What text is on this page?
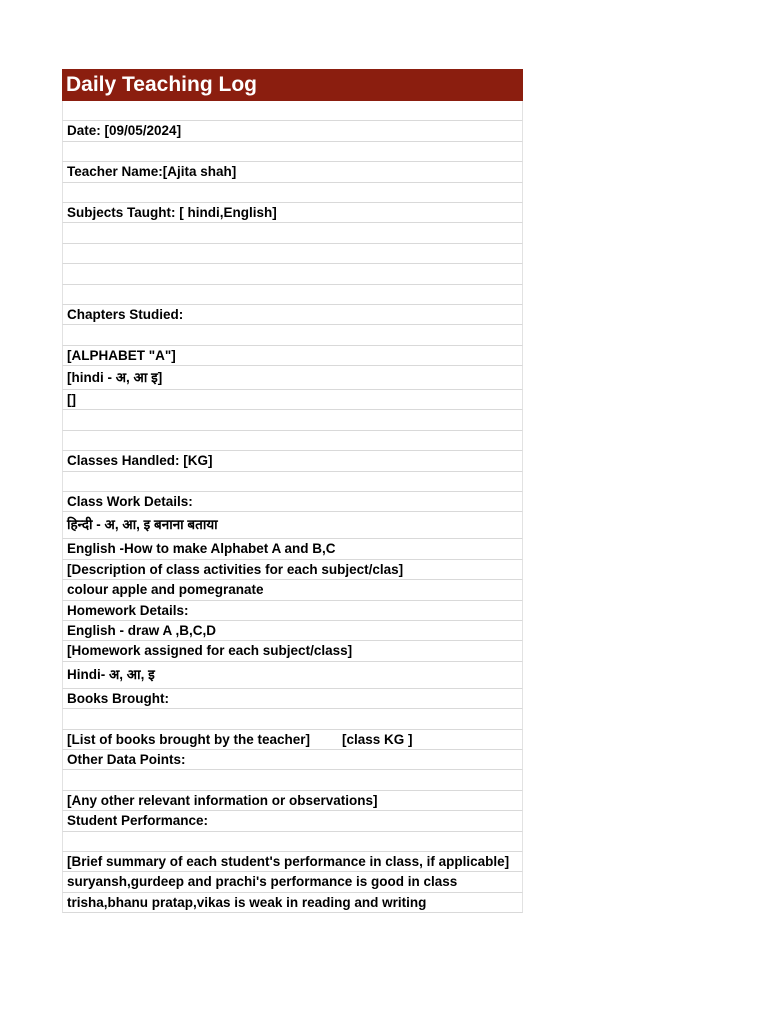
Daily Teaching Log
Date: [09/05/2024]
Teacher Name:[Ajita shah]
Subjects Taught: [ hindi,English]
Chapters Studied:
[ALPHABET "A"]
[hindi - अ, आ इ]
[]
Classes Handled: [KG]
Class Work Details:
हिन्दी - अ, आ, इ बनाना बताया
English -How to make Alphabet A and B,C
[Description of class activities for each subject/clas]
colour apple and pomegranate
Homework Details:
English - draw A ,B,C,D
[Homework assigned for each subject/class]
Hindi- अ, आ, इ
Books Brought:
[List of books brought by the teacher] [class KG ]
Other Data Points:
[Any other relevant information or observations]
Student Performance:
[Brief summary of each student's performance in class, if applicable]
suryansh,gurdeep and prachi's performance is good in class
trisha,bhanu pratap,vikas is weak in reading and writing
